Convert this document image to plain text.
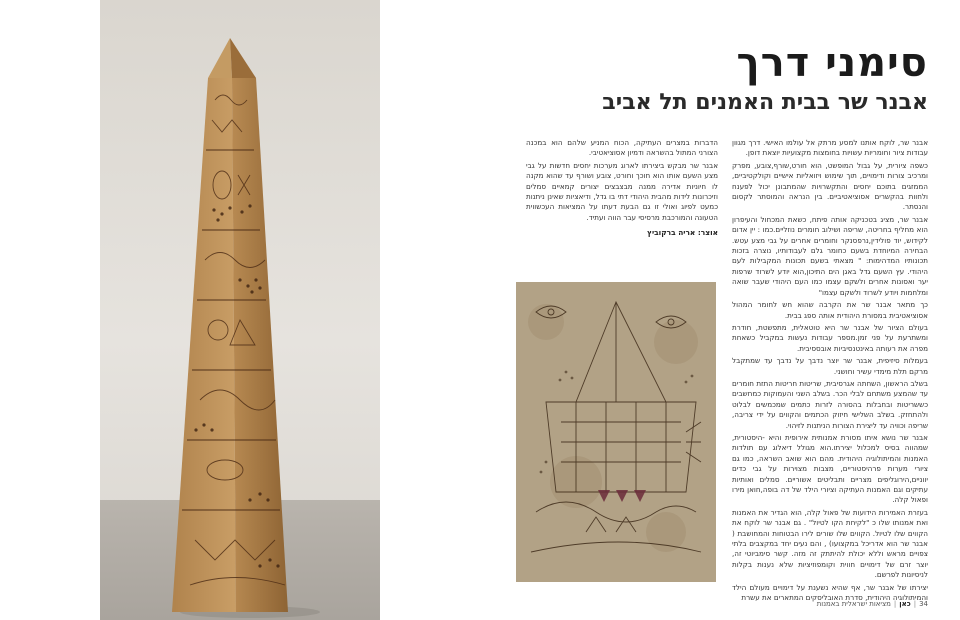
סימני דרך
אבנר שר בבית האמנים תל אביב

אבנר שר, לוקח אותנו למסע מרתק אל עולמו האישי. דרך מגוון עבודות ציור וחומריות עשויות בחומצות מקצועיות יוצאת דופן.

כשפה ציורית, על גבול המופשט, הוא חורט,שורף,צובע, מפרק ומרכיב צורות ודימויים, תוך שימוש ויזואליות אישיים וקולקטיביים, הממזגים בתוכם יחסים והתקשרויות שהמתבונן יכול לפענח ולחוות בהקשרים אסוציאטיביים. בין הנראה והמוסתר לקסום והנסתר.

אבנר שר, מציג בטכניקה אותה פיתח, כשאת המכחול והעיפרון הוא מחליף בחריטה, שריפה ושילוב חומרים נוזליים.כמו : יין אדום לקידוש, יוד פולידין,נרפסנקר וחומרים אחרים על גבי מצע עטש. הבחירה המיוחדת בשעם כחומר גלם לעבודותיו, נוצרה בזכות תכונותיו המדהימות: " מצאתי בשעם תכונות המקבילות לעם היהודי. עץ השעם גדל באגן הים התיכון,הוא יודע לשרוד שרפות יער ואסונות אחרים ולשקם עצמו כמו העם היהודי שעבר שואה ומלחמות ויודע לשרוד ולשקם עצמו"

כך מתאר אבנר שר את הקרבה שהוא חש לחומר המהול אסוציאטיבית במסורת היהודית אותה ספג בבית.

בעולם הציור של אבנר שר היא טוטאלית, מתפשטת, חודרת ומשתרעת על פני זמן.מספר עבודות נעשות במקביל כשאחת מפרה את רעותה באינטנסיביות אובססיבית.

בעמלות סיזיפית, אבנר שר יוצר נדבך על נדבך עד שמתקבל מרקם תלת מימדי עשיר וחושני.

בשלב הראשון, השחתה אגרסיבית, שריטות חריטות התזת חומרים עד שהמצע משתחם לבלי הכר. בשלב השני והעמוקות כמחשבים כששריטות ובחבלות בהסורה לזרות כתמים שמכמשים לבלוט ולהתחזק. בשלב השלישי חיזוק הכתמים והקווים על ידי צריבה, שריפה וכוויה עד ליצירת הצורות הניתנות לזיהוי.

אבנר שר נושא איתו מסורת אמנותית אירופית והיא -היסטורית, שמהווה בסיס למכלול יצירתו.הוא מגולל דיאלוג עם תולדות האמנות והמיתולוגיה היהודית. מהם הוא שואב השראה, כמו גם ציורי מערות פרהיסטוריים, מצבות מצוירות על גבי כדים יווניים,הירוגליפים מצריים ותבליטים אשוריים. סמלים ואותיות עתיקים וגם האמנות העתיקה וציורי הילד של דה בופה,חואן מירו ופאול קלה.

בעזרת האמירות הידועות של פאול קלה, הוא הגדיר את האמנות ואת אמנותו שלו כ "לקיחת הקו לטיול" . גם אבנר שר לוקח את הקווים שלו לטיול. הקווים שלו שורים לירו הבטוחות והמחושבת ( אבנר שר הוא אדריכל במקצועו) , והם נעים יחד במקצבים בלתי צפויים מראש וללא יכולת להיתתק זה מזה. קשר סימביוטי זה, יוצר זרם של דימויים חווית וקומפוזיציות שלא נענות בקלות לניסיונות לפרשם.

יצירתו של אבנר שר, אף שהיא נשענת על דימויים מעולם הילד והמיתולוגיה היהודית, סדרת האובליסקים המתארים את עשרת

הדברות במצרים העתיקה, הכוח המניע שלהם הוא במכנה הצורני המתול בהשראה ודמיון אסוציאטיבי.

אבנר שר מבקש ביצירתו לארוג מערכות יחסים חדשות על גבי מצע השעם אותו הוא חוכך וחורט, צובע ושורף עד שהוא מקנה לו חיוניות אדירה ממנה מבצבצים יצורים קמאיים סמלים וזיכרונות לידות מהבית היהודי דתי בו גדל, ודיאציות שאינן ניתנות כמעט לפיוג ואולי זו גם הבעת דעתו על המציאות העכשווית הטעונה והמורכבת מרסיסי עבר הווה ועתיד.

אוצר: אריה ברקוביץ
34|כאן|מציאות ישראלית באמנות
